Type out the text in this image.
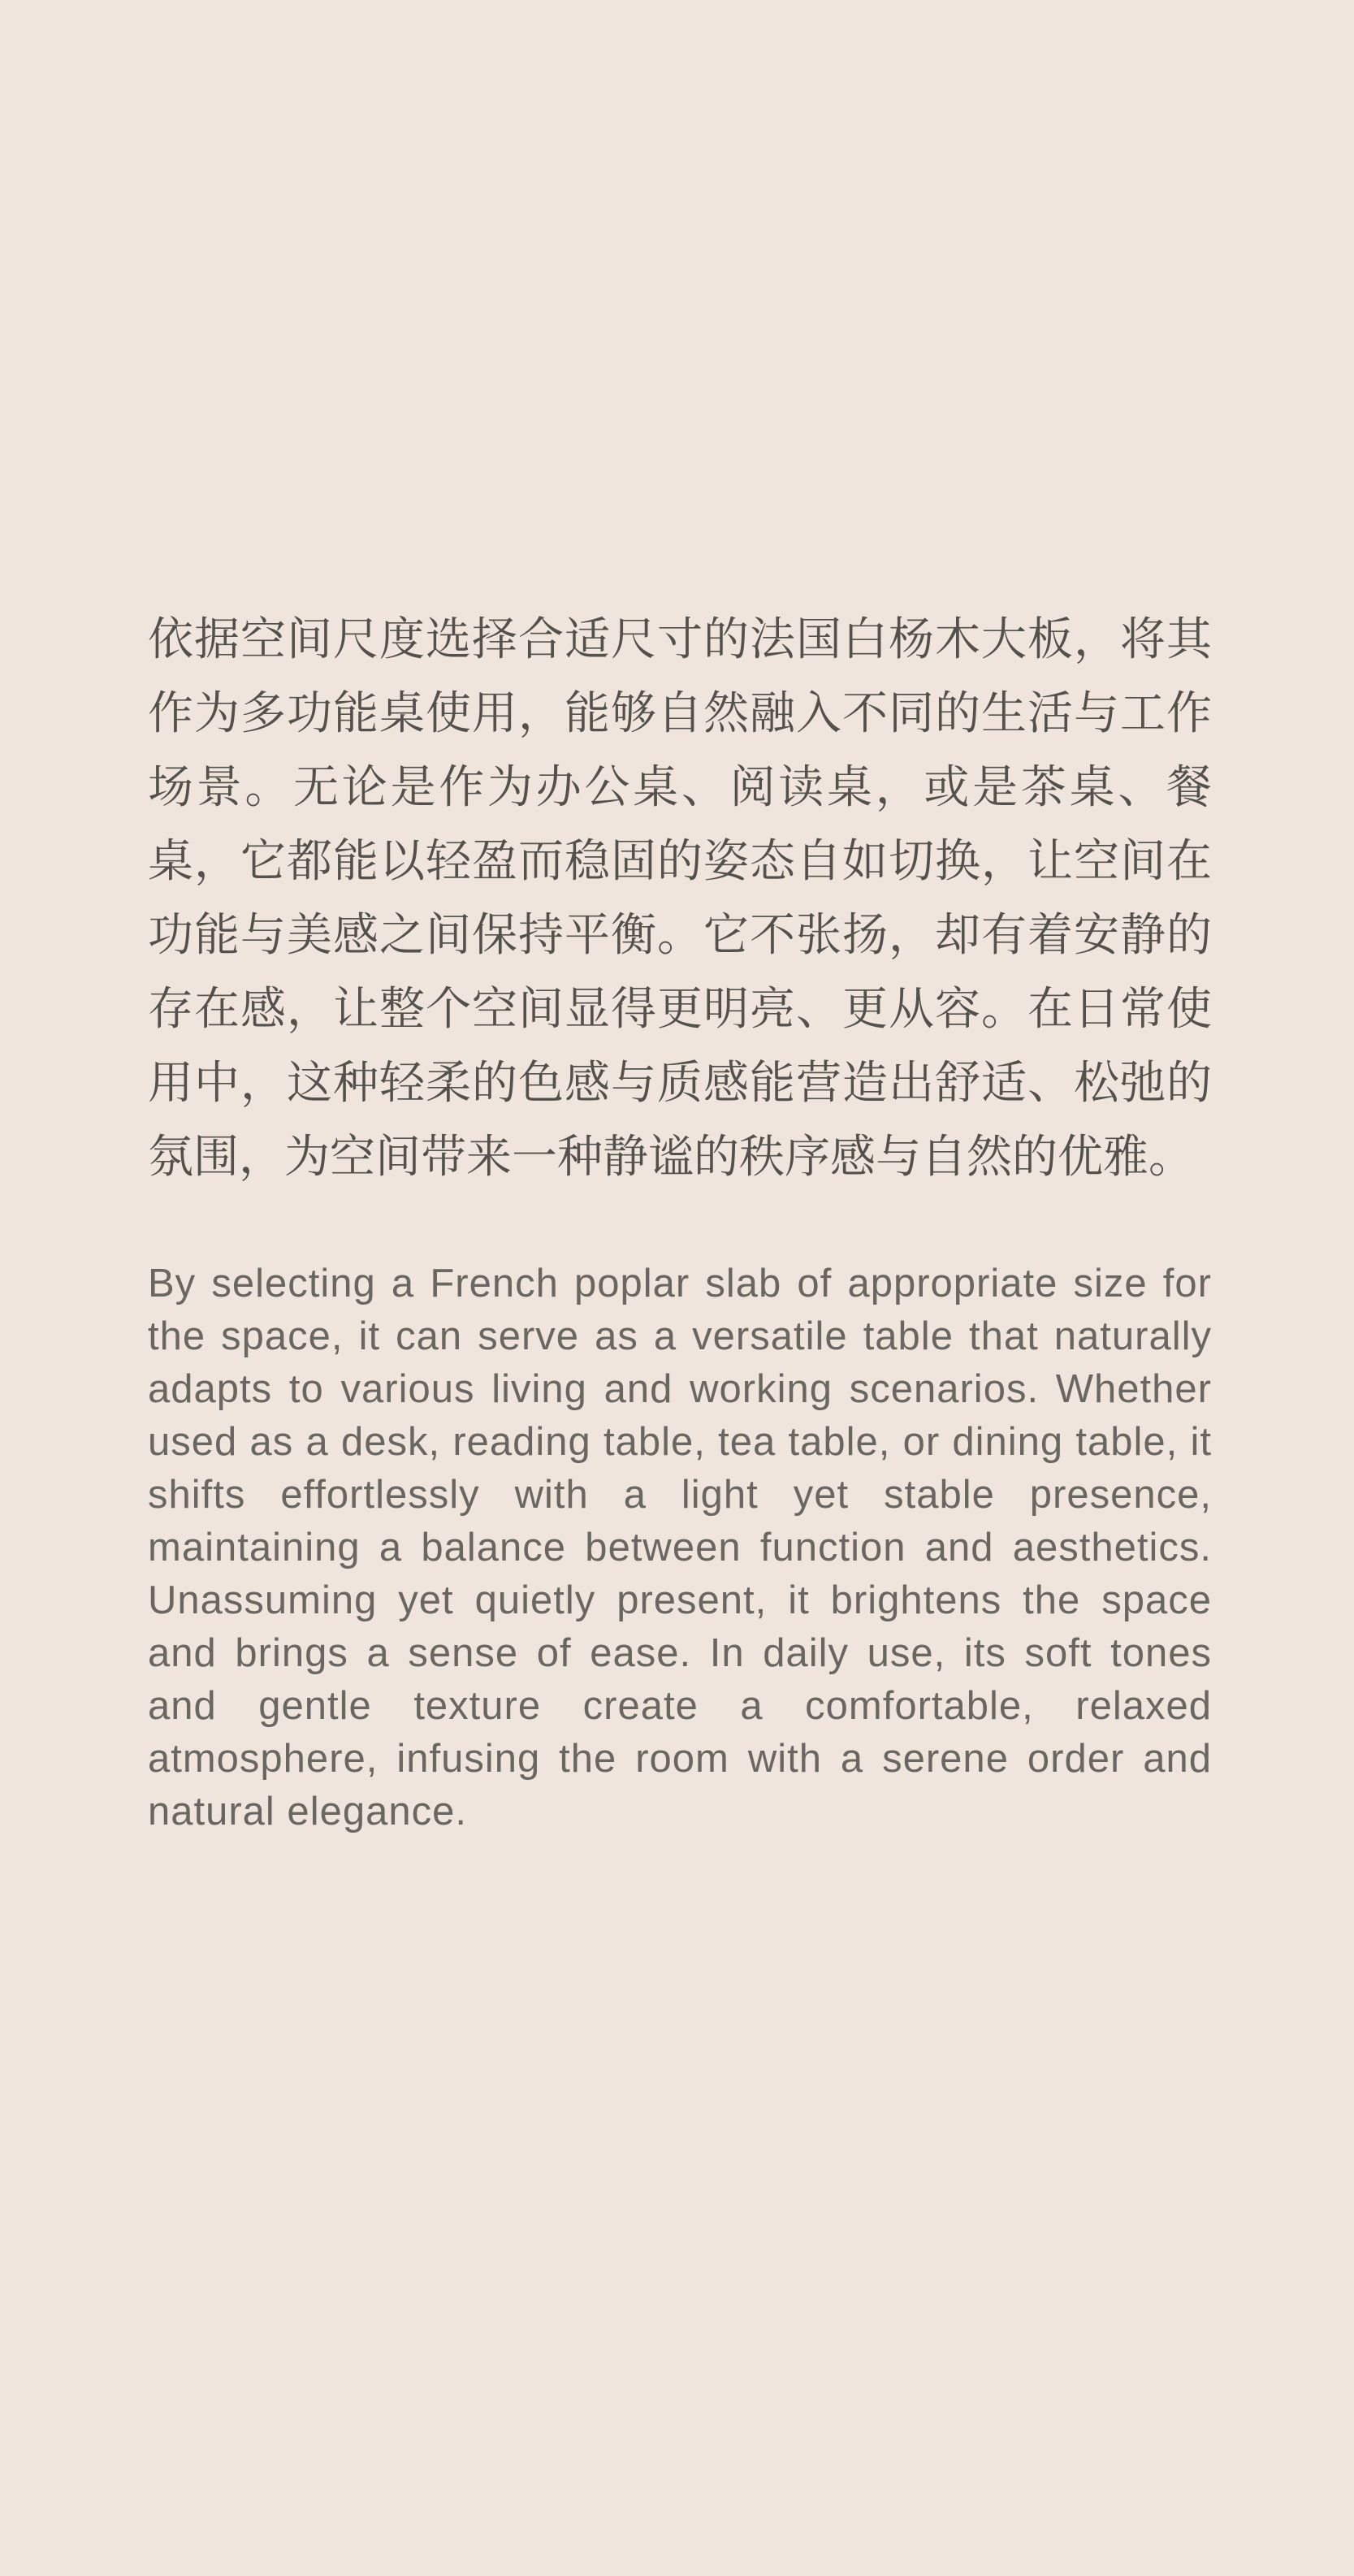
依据空间尺度选择合适尺寸的法国白杨木大板，将其作为多功能桌使用，能够自然融入不同的生活与工作场景。无论是作为办公桌、阅读桌，或是茶桌、餐桌，它都能以轻盈而稳固的姿态自如切换，让空间在功能与美感之间保持平衡。它不张扬，却有着安静的存在感，让整个空间显得更明亮、更从容。在日常使用中，这种轻柔的色感与质感能营造出舒适、松弛的氛围，为空间带来一种静谧的秩序感与自然的优雅。

By selecting a French poplar slab of appropriate size for the space, it can serve as a versatile table that naturally adapts to various living and working scenarios. Whether used as a desk, reading table, tea table, or dining table, it shifts effortlessly with a light yet stable presence, maintaining a balance between function and aesthetics. Unassuming yet quietly present, it brightens the space and brings a sense of ease. In daily use, its soft tones and gentle texture create a comfortable, relaxed atmosphere, infusing the room with a serene order and natural elegance.
